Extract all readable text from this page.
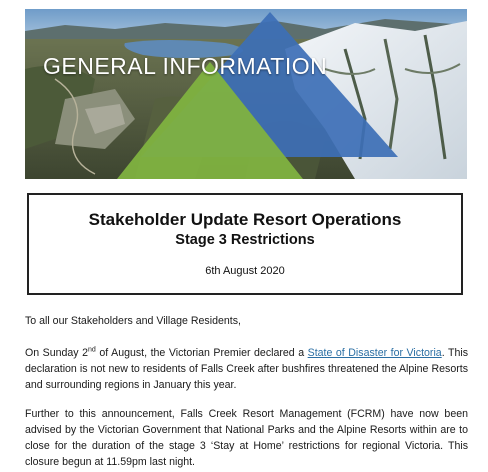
GENERAL INFORMATION
Stakeholder Update Resort Operations
Stage 3 Restrictions
6th August 2020
To all our Stakeholders and Village Residents,
On Sunday 2nd of August, the Victorian Premier declared a State of Disaster for Victoria. This declaration is not new to residents of Falls Creek after bushfires threatened the Alpine Resorts and surrounding regions in January this year.
Further to this announcement, Falls Creek Resort Management (FCRM) have now been advised by the Victorian Government that National Parks and the Alpine Resorts within are to close for the duration of the stage 3 ‘Stay at Home’ restrictions for regional Victoria. This closure begun at 11.59pm last night.
